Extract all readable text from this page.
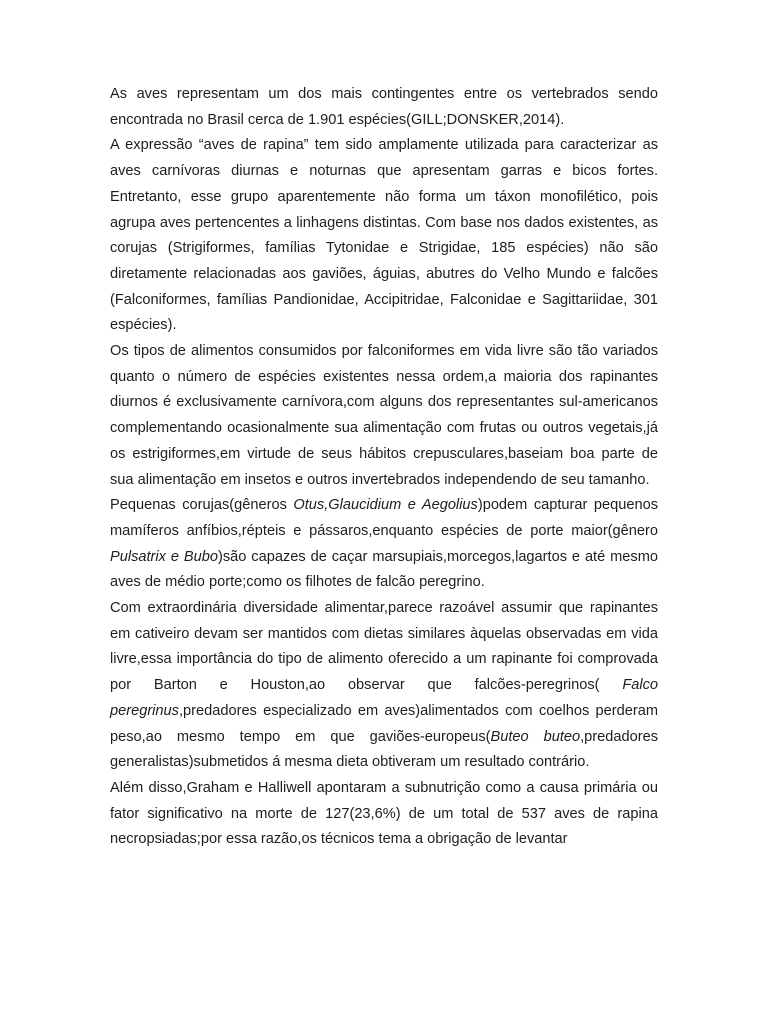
As aves representam um dos mais contingentes entre os vertebrados sendo encontrada no Brasil cerca de 1.901 espécies(GILL;DONSKER,2014).

A expressão “aves de rapina” tem sido amplamente utilizada para caracterizar as aves carnívoras diurnas e noturnas que apresentam garras e bicos fortes. Entretanto, esse grupo aparentemente não forma um táxon monofilético, pois agrupa aves pertencentes a linhagens distintas. Com base nos dados existentes, as corujas (Strigiformes, famílias Tytonidae e Strigidae, 185 espécies) não são diretamente relacionadas aos gaviões, águias, abutres do Velho Mundo e falcões (Falconiformes, famílias Pandionidae, Accipitridae, Falconidae e Sagittariidae, 301 espécies).

Os tipos de alimentos consumidos por falconiformes em vida livre são tão variados quanto o número de espécies existentes nessa ordem,a maioria dos rapinantes diurnos é exclusivamente carnívora,com alguns dos representantes sul-americanos complementando ocasionalmente sua alimentação com frutas ou outros vegetais,já os estrigiformes,em virtude de seus hábitos crepusculares,baseiam boa parte de sua alimentação em insetos e outros invertebrados independendo de seu tamanho.

Pequenas corujas(gêneros Otus,Glaucidium e Aegolius)podem capturar pequenos mamíferos anfíbios,répteis e pássaros,enquanto espécies de porte maior(gênero Pulsatrix e Bubo)são capazes de caçar marsupiais,morcegos,lagartos e até mesmo aves de médio porte;como os filhotes de falcão peregrino.

Com extraordinária diversidade alimentar,parece razoável assumir que rapinantes em cativeiro devam ser mantidos com dietas similares àquelas observadas em vida livre,essa importância do tipo de alimento oferecido a um rapinante foi comprovada por Barton e Houston,ao observar que falcões-peregrinos( Falco peregrinus,predadores especializado em aves)alimentados com coelhos perderam peso,ao mesmo tempo em que gaviões-europeus(Buteo buteo,predadores generalistas)submetidos á mesma dieta obtiveram um resultado contrário.

Além disso,Graham e Halliwell apontaram a subnutrição como a causa primária ou fator significativo na morte de 127(23,6%) de um total de 537 aves de rapina necropsiadas;por essa razão,os técnicos tema a obrigação de levantar
